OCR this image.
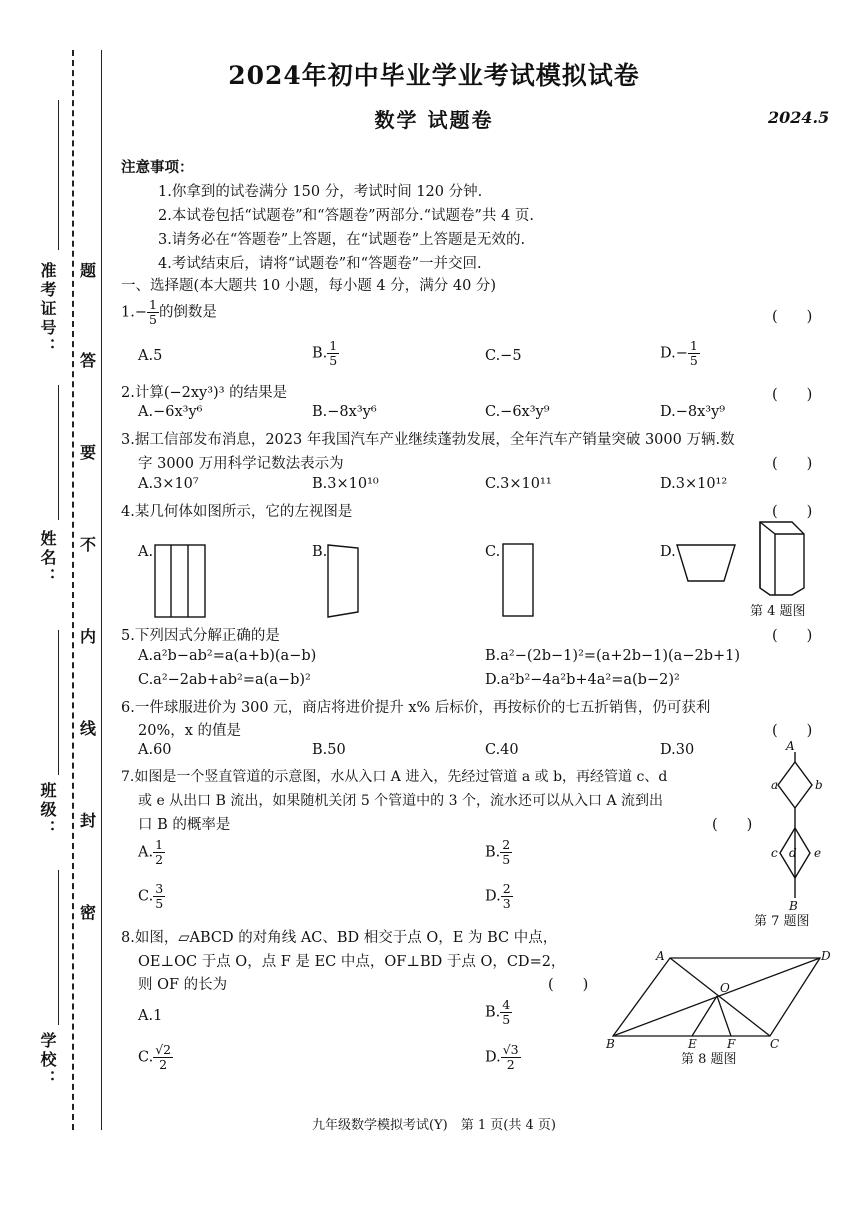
准考证号：
姓名：
班级：
学校：
题
答
要
不
内
线
封
密
2024年初中毕业学业考试模拟试卷
数学 试题卷	2024.5
注意事项：
1.你拿到的试卷满分 150 分，考试时间 120 分钟.
2.本试卷包括“试题卷”和“答题卷”两部分.“试题卷”共 4 页.
3.请务必在“答题卷”上答题，在“试题卷”上答题是无效的.
4.考试结束后，请将“试题卷”和“答题卷”一并交回.
一、选择题(本大题共 10 小题，每小题 4 分，满分 40 分)
$1.- \frac{1}{5}$ 的倒数是	(　　)
A.5	B. $\frac{1}{5}$	C.−5	$D.- \frac{1}{5}$
2.计算(−2xy³)³ 的结果是	(　　)
A.−6x³y⁶	B.−8x³y⁶	C.−6x³y⁹	D.−8x³y⁹
3.据工信部发布消息，2023 年我国汽车产业继续蓬勃发展，全年汽车产销量突破 3000 万辆.数
字 3000 万用科学记数法表示为	(　　)
A.3×10⁷	B.3×10¹⁰	C.3×10¹¹	D.3×10¹²
4.某几何体如图所示，它的左视图是	(　　)
A.	B.	C.	D.
第 4 题图
5.下列因式分解正确的是	(　　)
A.a²b−ab²=a(a+b)(a−b)	B.a²−(2b−1)²=(a+2b−1)(a−2b+1)
C.a²−2ab+ab²=a(a−b)²	D.a²b²−4a²b+4a²=a(b−2)²
6.一件球服进价为 300 元，商店将进价提升 x% 后标价，再按标价的七五折销售，仍可获利
20%，x 的值是	(　　)
A.60	B.50	C.40	D.30
7.如图是一个竖直管道的示意图，水从入口 A 进入，先经过管道 a 或 b，再经管道 c、d
或 e 从出口 B 流出，如果随机关闭 5 个管道中的 3 个，流水还可以从入口 A 流到出
口 B 的概率是	(　　)
A. $\frac{1}{2}$	B. $\frac{2}{5}$
C. $\frac{3}{5}$	D. $\frac{2}{3}$
A
a	b
c d e
B
第 7 题图
8.如图，▱ABCD 的对角线 AC、BD 相交于点 O，E 为 BC 中点，
OE⊥OC 于点 O，点 F 是 EC 中点，OF⊥BD 于点 O，CD=2，
则 OF 的长为	(　　)
A.1	B. $\frac{4}{5}$
C. $\frac{√2}{2}$	D. $\frac{√3}{2}$
A	D
O
B	E	F	C
第 8 题图
九年级数学模拟考试(Y)　第 1 页(共 4 页)
